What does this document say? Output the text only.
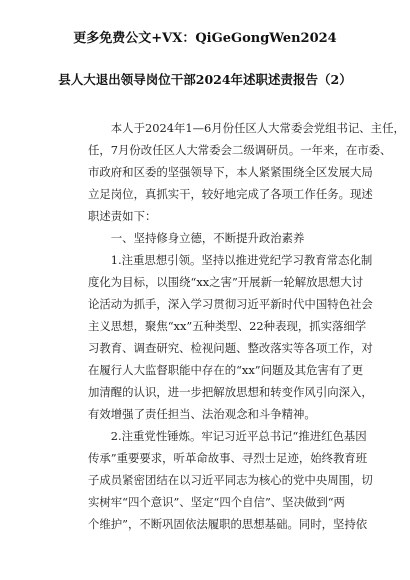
更多免费公文+VX：QiGeGongWen2024
县人大退出领导岗位干部2024年述职述责报告（2）
　　本人于2024年1—6月份任区人大常委会党组书记、主任，
任，7月份改任区人大常委会二级调研员。一年来，在市委、
市政府和区委的坚强领导下，本人紧紧围绕全区发展大局
立足岗位，真抓实干，较好地完成了各项工作任务。现述
职述责如下：
　　一、坚持修身立德，不断提升政治素养
　　1.注重思想引领。坚持以推进党纪学习教育常态化制
度化为目标，以围绕“xx之害”开展新一轮解放思想大讨
论活动为抓手，深入学习贯彻习近平新时代中国特色社会
主义思想，聚焦“xx”五种类型、22种表现，抓实落细学
习教育、调查研究、检视问题、整改落实等各项工作，对
在履行人大监督职能中存在的“xx”问题及其危害有了更
加清醒的认识，进一步把解放思想和转变作风引向深入，
有效增强了责任担当、法治观念和斗争精神。
　　2.注重党性锤炼。牢记习近平总书记“推进红色基因
传承”重要要求，听革命故事、寻烈士足迹，始终教育班
子成员紧密团结在以习近平同志为核心的党中央周围，切
实树牢“四个意识”、坚定“四个自信”、坚决做到“两
个维护”，不断巩固依法履职的思想基础。同时，坚持依
